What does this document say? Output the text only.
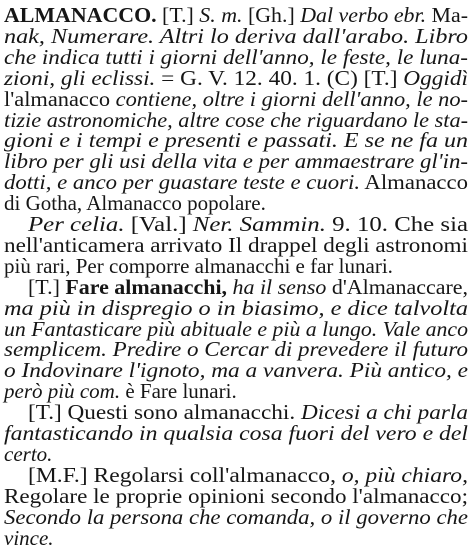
ALMANACCO. [T.] S. m. [Gh.] Dal verbo ebr. Ma-
nak, Numerare. Altri lo deriva dall'arabo. Libro
che indica tutti i giorni dell'anno, le feste, le luna-
zioni, gli eclissi. = G. V. 12. 40. 1. (C) [T.] Oggidì
l'almanacco contiene, oltre i giorni dell'anno, le no-
tizie astronomiche, altre cose che riguardano le sta-
gioni e i tempi e presenti e passati. E se ne fa un
libro per gli usi della vita e per ammaestrare gl'in-
dotti, e anco per guastare teste e cuori. Almanacco
di Gotha, Almanacco popolare.
Per celia. [Val.] Ner. Sammin. 9. 10. Che sia
nell'anticamera arrivato Il drappel degli astronomi
più rari, Per comporre almanacchi e far lunari.
[T.] Fare almanacchi, ha il senso d'Almanaccare,
ma più in dispregio o in biasimo, e dice talvolta
un Fantasticare più abituale e più a lungo. Vale anco
semplicem. Predire o Cercar di prevedere il futuro
o Indovinare l'ignoto, ma a vanvera. Più antico, e
però più com. è Fare lunari.
[T.] Questi sono almanacchi. Dicesi a chi parla
fantasticando in qualsia cosa fuori del vero e del
certo.
[M.F.] Regolarsi coll'almanacco, o, più chiaro,
Regolare le proprie opinioni secondo l'almanacco;
Secondo la persona che comanda, o il governo che
vince.
